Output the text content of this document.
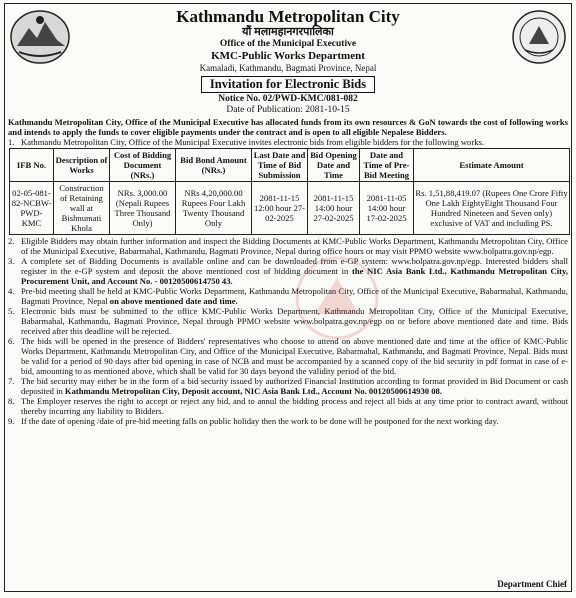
Kathmandu Metropolitan City
यौं मलामहानगरपालिका
Office of the Municipal Executive
KMC-Public Works Department
Kamaladi, Kathmandu, Bagmati Province, Nepal
Invitation for Electronic Bids
Notice No. 02/PWD-KMC/081-082
Date of Publication: 2081-10-15
Kathmandu Metropolitan City, Office of the Municipal Executive has allocated funds from its own resources & GoN towards the cost of following works and intends to apply the funds to cover eligible payments under the contract and is open to all eligible Nepalese Bidders.
1. Kathmandu Metropolitan City, Office of the Municipal Executive invites electronic bids from eligible bidders for the following works.
IFB No.	Description of Works	Cost of Bidding Document (NRs.)	Bid Bond Amount (NRs.)	Last Date and Time of Bid Submission	Bid Opening Date and Time	Date and Time of Pre-Bid Meeting	Estimate Amount
02-05-081-82-NCBW-PWD-KMC	Construction of Retaining wall at Bishnumati Khola	NRs. 3,000.00 (Nepali Rupees Three Thousand Only)	NRs 4,20,000.00 Rupees Four Lakh Twenty Thousand Only	2081-11-15 12:00 hour 27-02-2025	2081-11-15 14:00 hour 27-02-2025	2081-11-05 14:00 hour 17-02-2025	Rs. 1,51,88,419.07 (Rupees One Crore Fifty One Lakh EightyEight Thousand Four Hundred Nineteen and Seven only) exclusive of VAT and including PS.
2. Eligible Bidders may obtain further information and inspect the Bidding Documents at KMC-Public Works Department, Kathmandu Metropolitan City, Office of the Municipal Executive, Babarmahal, Kathmandu, Bagmati Province, Nepal during office hours or may visit PPMO website www.bolpatra.gov.np/egp.
3. A complete set of Bidding Documents is available online and can be downloaded from e-GP system: www.bolpatra.gov.np/egp. Interested bidders shall register in the e-GP system and deposit the above mentioned cost of bidding document in the NIC Asia Bank Ltd., Kathmandu Metropolitan City, Procurement Unit, and Account No. - 00120500614750 43.
4. Pre-bid meeting shall be held at KMC-Public Works Department, Kathmandu Metropolitan City, Office of the Municipal Executive, Babarmahal, Kathmandu, Bagmati Province, Nepal on above mentioned date and time.
5. Electronic bids must be submitted to the office KMC-Public Works Department, Kathmandu Metropolitan City, Office of the Municipal Executive, Babarmahal, Kathmandu, Bagmati Province, Nepal through PPMO website www.bolpatra.gov.np/egp on or before above mentioned date and time. Bids received after this deadline will be rejected.
6. The bids will be opened in the presence of Bidders' representatives who choose to attend on above mentioned date and time at the office of KMC-Public Works Department, Kathmandu Metropolitan City, and Office of the Municipal Executive, Babarmahal, Kathmandu, and Bagmati Province, Nepal. Bids must be valid for a period of 90 days after bid opening in case of NCB and must be accompanied by a scanned copy of the bid security in pdf format in case of e-bid, amounting to as mentioned above, which shall be valid for 30 days beyond the validity period of the bid.
7. The bid security may either be in the form of a bid security issued by authorized Financial Institution according to format provided in Bid Document or cash deposited in Kathmandu Metropolitan City, Deposit account, NIC Asia Bank Ltd., Account No. 00120500614930 08.
8. The Employer reserves the right to accept or reject any bid, and to annul the bidding process and reject all bids at any time prior to contract award, without thereby incurring any liability to Bidders.
9. If the date of opening /date of pre-bid meeting falls on public holiday then the work to be done will be postponed for the next working day.
Department Chief
